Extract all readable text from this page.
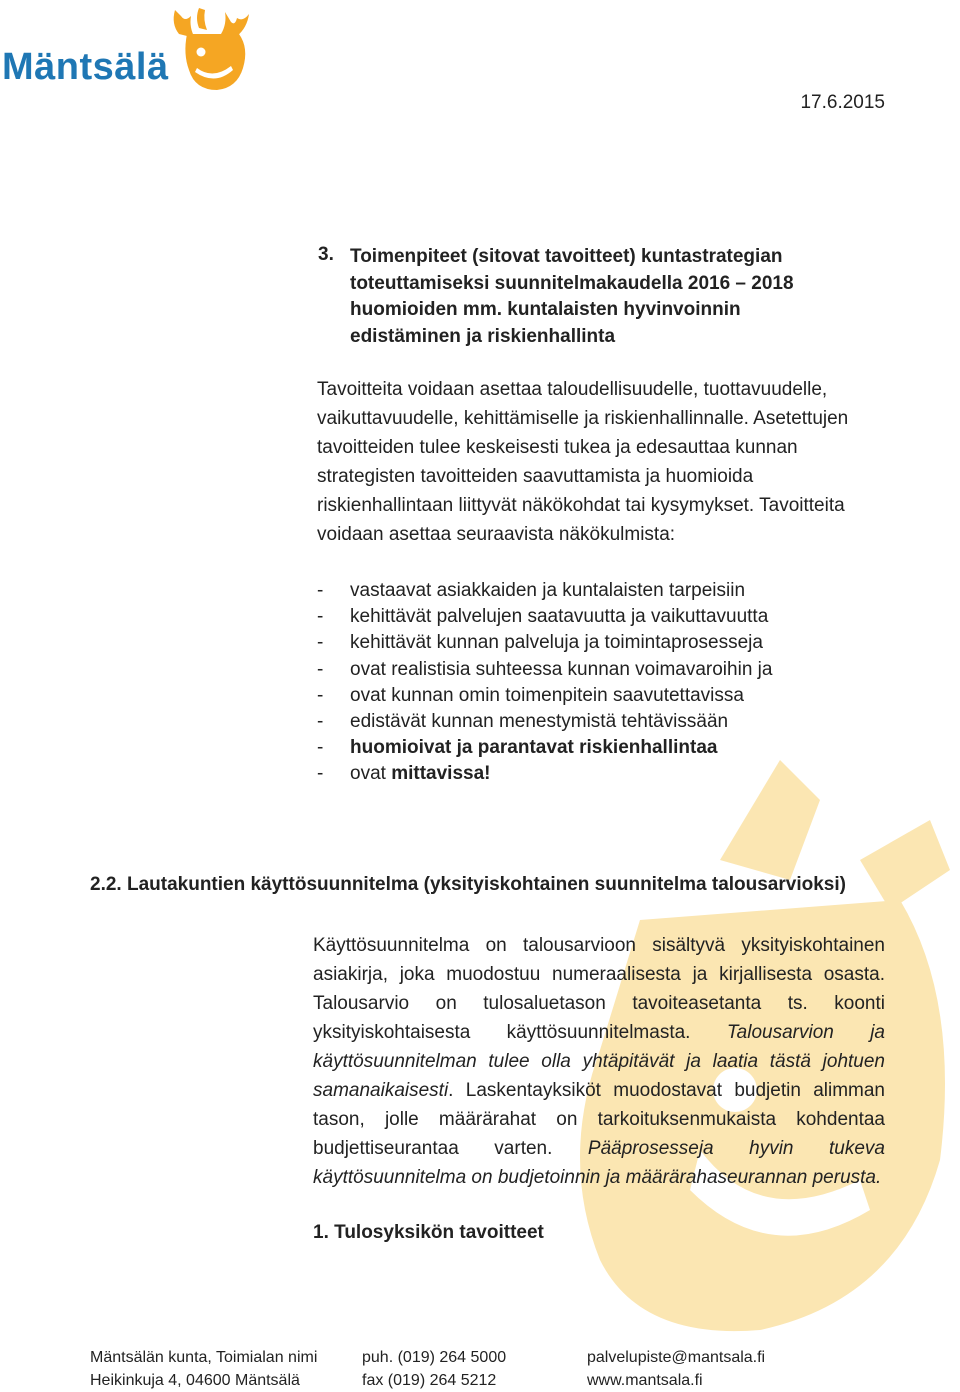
Mäntsälä
17.6.2015
3. Toimenpiteet (sitovat tavoitteet) kuntastrategian toteuttamiseksi suunnitelmakaudella 2016 – 2018 huomioiden mm. kuntalaisten hyvinvoinnin edistäminen ja riskienhallinta
Tavoitteita voidaan asettaa taloudellisuudelle, tuottavuudelle, vaikuttavuudelle, kehittämiselle ja riskienhallinnalle. Asetettujen tavoitteiden tulee keskeisesti tukea ja edesauttaa kunnan strategisten tavoitteiden saavuttamista ja huomioida riskienhallintaan liittyvät näkökohdat tai kysymykset. Tavoitteita voidaan asettaa seuraavista näkökulmista:
- vastaavat asiakkaiden ja kuntalaisten tarpeisiin
- kehittävät palvelujen saatavuutta ja vaikuttavuutta
- kehittävät kunnan palveluja ja toimintaprosesseja
- ovat realistisia suhteessa kunnan voimavaroihin ja
- ovat kunnan omin toimenpitein saavutettavissa
- edistävät kunnan menestymistä tehtävissään
- huomioivat ja parantavat riskienhallintaa
- ovat mittavissa!
2.2. Lautakuntien käyttösuunnitelma (yksityiskohtainen suunnitelma talousarvioksi)
Käyttösuunnitelma on talousarvioon sisältyvä yksityiskohtainen asiakirja, joka muodostuu numeraalisesta ja kirjallisesta osasta. Talousarvio on tulosaluetason tavoiteasetanta ts. koonti yksityiskohtaisesta käyttösuunnitelmasta. Talousarvion ja käyttösuunnitelman tulee olla yhtäpitävät ja laatia tästä johtuen samanaikaisesti. Laskentayksiköt muodostavat budjetin alimman tason, jolle määrärahat on tarkoituksenmukaista kohdentaa budjettiseurantaa varten. Pääprosesseja hyvin tukeva käyttösuunnitelma on budjetoinnin ja määrärahaseurannan perusta.
1. Tulosyksikön tavoitteet
Mäntsälän kunta, Toimialan nimi
Heikinkuja 4, 04600 Mäntsälä
puh. (019) 264 5000
fax (019) 264 5212
palvelupiste@mantsala.fi
www.mantsala.fi
